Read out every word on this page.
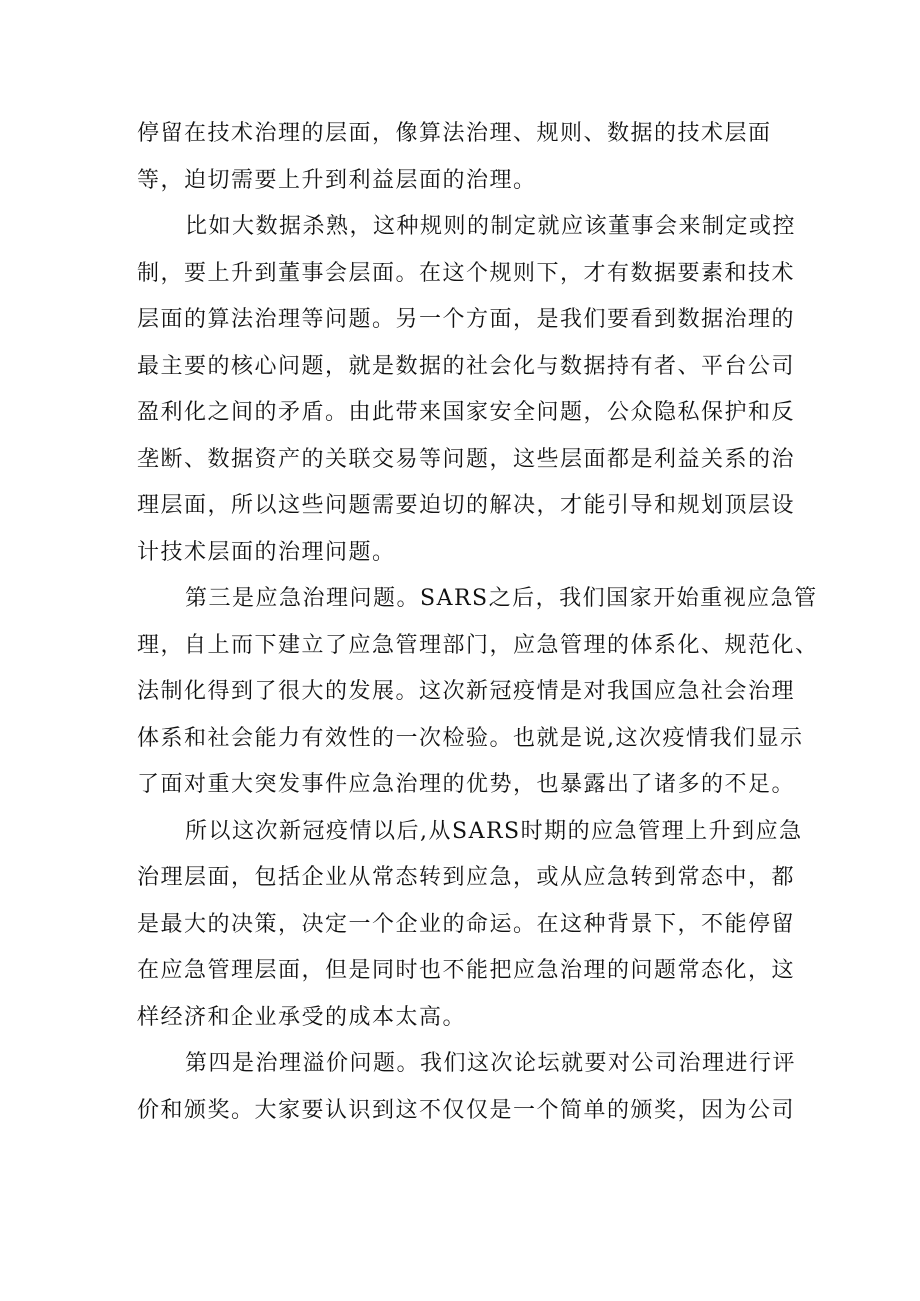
停留在技术治理的层面，像算法治理、规则、数据的技术层面
等，迫切需要上升到利益层面的治理。
比如大数据杀熟，这种规则的制定就应该董事会来制定或控
制，要上升到董事会层面。在这个规则下，才有数据要素和技术
层面的算法治理等问题。另一个方面，是我们要看到数据治理的
最主要的核心问题，就是数据的社会化与数据持有者、平台公司
盈利化之间的矛盾。由此带来国家安全问题，公众隐私保护和反
垄断、数据资产的关联交易等问题，这些层面都是利益关系的治
理层面，所以这些问题需要迫切的解决，才能引导和规划顶层设
计技术层面的治理问题。
第三是应急治理问题。SARS之后，我们国家开始重视应急管
理，自上而下建立了应急管理部门，应急管理的体系化、规范化、
法制化得到了很大的发展。这次新冠疫情是对我国应急社会治理
体系和社会能力有效性的一次检验。也就是说,这次疫情我们显示
了面对重大突发事件应急治理的优势，也暴露出了诸多的不足。
所以这次新冠疫情以后,从SARS时期的应急管理上升到应急
治理层面，包括企业从常态转到应急，或从应急转到常态中，都
是最大的决策，决定一个企业的命运。在这种背景下，不能停留
在应急管理层面，但是同时也不能把应急治理的问题常态化，这
样经济和企业承受的成本太高。
第四是治理溢价问题。我们这次论坛就要对公司治理进行评
价和颁奖。大家要认识到这不仅仅是一个简单的颁奖，因为公司
